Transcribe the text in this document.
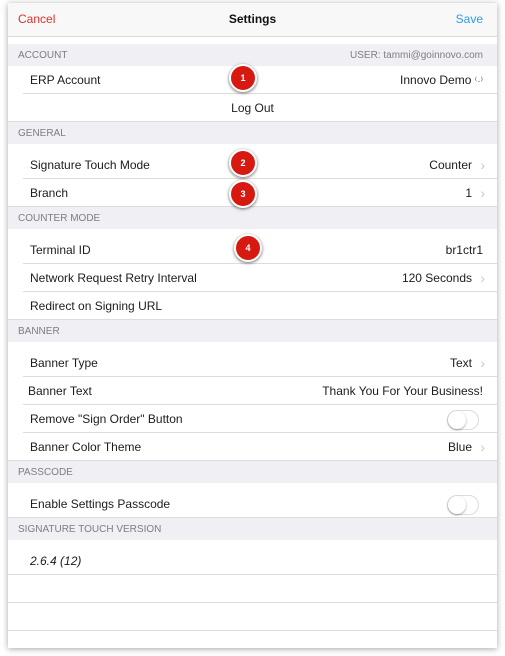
Cancel	Settings	Save
ACCOUNT	USER: tammi@goinnovo.com
ERP Account	Innovo Demo ⁽·⁾
Log Out
GENERAL
Signature Touch Mode	Counter ›
Branch	1 ›
COUNTER MODE
Terminal ID	br1ctr1
Network Request Retry Interval	120 Seconds ›
Redirect on Signing URL
BANNER
Banner Type	Text ›
Banner Text	Thank You For Your Business!
Remove "Sign Order" Button
Banner Color Theme	Blue ›
PASSCODE
Enable Settings Passcode
SIGNATURE TOUCH VERSION
2.6.4 (12)
1
2
3
4
